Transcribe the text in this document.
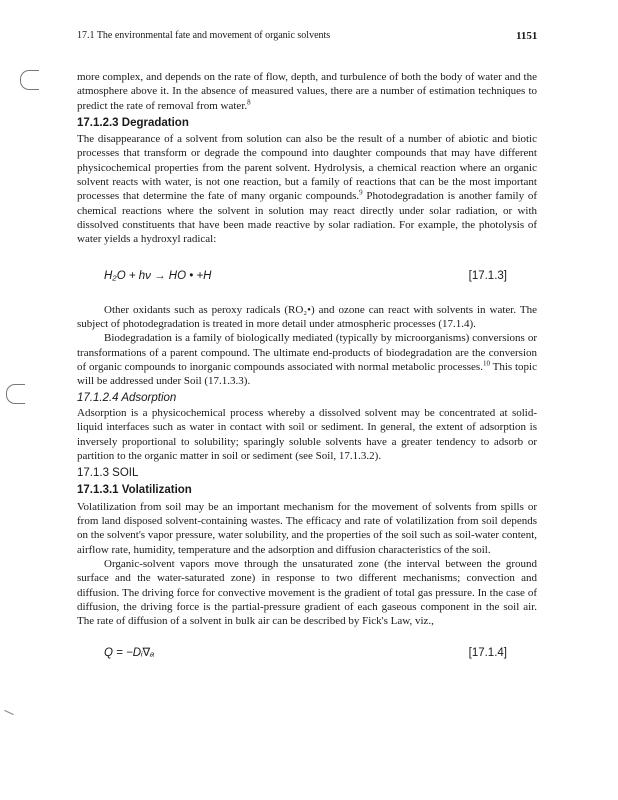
17.1 The environmental fate and movement of organic solvents	1151

more complex, and depends on the rate of flow, depth, and turbulence of both the body of water and the atmosphere above it. In the absence of measured values, there are a number of estimation techniques to predict the rate of removal from water.$^8$

17.1.2.3 Degradation

The disappearance of a solvent from solution can also be the result of a number of abiotic and biotic processes that transform or degrade the compound into daughter compounds that may have different physicochemical properties from the parent solvent. Hydrolysis, a chemical reaction where an organic solvent reacts with water, is not one reaction, but a family of reactions that can be the most important processes that determine the fate of many organic compounds.$^9$ Photodegradation is another family of chemical reactions where the solvent in solution may react directly under solar radiation, or with dissolved constituents that have been made reactive by solar radiation. For example, the photolysis of water yields a hydroxyl radical:

H₂O + hν → HO • +H	[17.1.3]

Other oxidants such as peroxy radicals (RO₂•) and ozone can react with solvents in water. The subject of photodegradation is treated in more detail under atmospheric processes (17.1.4).

Biodegradation is a family of biologically mediated (typically by microorganisms) conversions or transformations of a parent compound. The ultimate end-products of biodegradation are the conversion of organic compounds to inorganic compounds associated with normal metabolic processes.$^{10}$ This topic will be addressed under Soil (17.1.3.3).

17.1.2.4 Adsorption

Adsorption is a physicochemical process whereby a dissolved solvent may be concentrated at solid-liquid interfaces such as water in contact with soil or sediment. In general, the extent of adsorption is inversely proportional to solubility; sparingly soluble solvents have a greater tendency to adsorb or partition to the organic matter in soil or sediment (see Soil, 17.1.3.2).

17.1.3 SOIL
17.1.3.1 Volatilization

Volatilization from soil may be an important mechanism for the movement of solvents from spills or from land disposed solvent-containing wastes. The efficacy and rate of volatilization from soil depends on the solvent's vapor pressure, water solubility, and the properties of the soil such as soil-water content, airflow rate, humidity, temperature and the adsorption and diffusion characteristics of the soil.

Organic-solvent vapors move through the unsaturated zone (the interval between the ground surface and the water-saturated zone) in response to two different mechanisms; convection and diffusion. The driving force for convective movement is the gradient of total gas pressure. In the case of diffusion, the driving force is the partial-pressure gradient of each gaseous component in the soil air. The rate of diffusion of a solvent in bulk air can be described by Fick's Law, viz.,

Q = −Dᵢ∇ₐ	[17.1.4]
